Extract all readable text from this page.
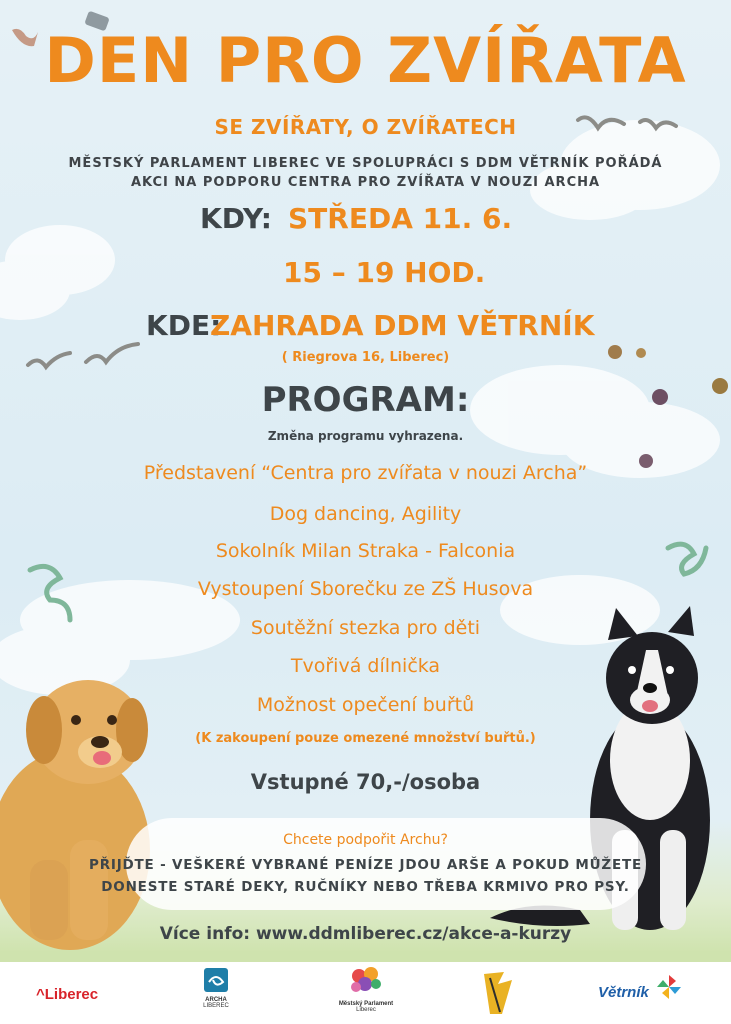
DEN PRO ZVÍŘATA
SE ZVÍŘATY, O ZVÍŘATECH
MĚSTSKÝ PARLAMENT LIBEREC VE SPOLUPRÁCI S DDM VĚTRNÍK POŘÁDÁ
AKCI NA PODPORU CENTRA PRO ZVÍŘATA V NOUZI ARCHA
KDY: STŘEDA 11. 6.
15 – 19 HOD.
KDE:
ZAHRADA DDM VĚTRNÍK
( Riegrova 16, Liberec)
PROGRAM:
Změna programu vyhrazena.
Představení “Centra pro zvířata v nouzi Archa”
Dog dancing, Agility
Sokolník Milan Straka - Falconia
Vystoupení Sborečku ze ZŠ Husova
Soutěžní stezka pro děti
Tvořivá dílnička
Možnost opečení buřtů
(K zakoupení pouze omezené množství buřtů.)
Vstupné 70,-/osoba
Chcete podpořit Archu?
PŘIJĎTE - VEŠKERÉ VYBRANÉ PENÍZE JDOU ARŠE A POKUD MŮŽETE
DONESTE STARÉ DEKY, RUČNÍKY NEBO TŘEBA KRMIVO PRO PSY.
Více info: www.ddmliberec.cz/akce-a-kurzy
^Liberec	ARCHA
LIBEREC	Městský Parlament
Liberec
Větrník
